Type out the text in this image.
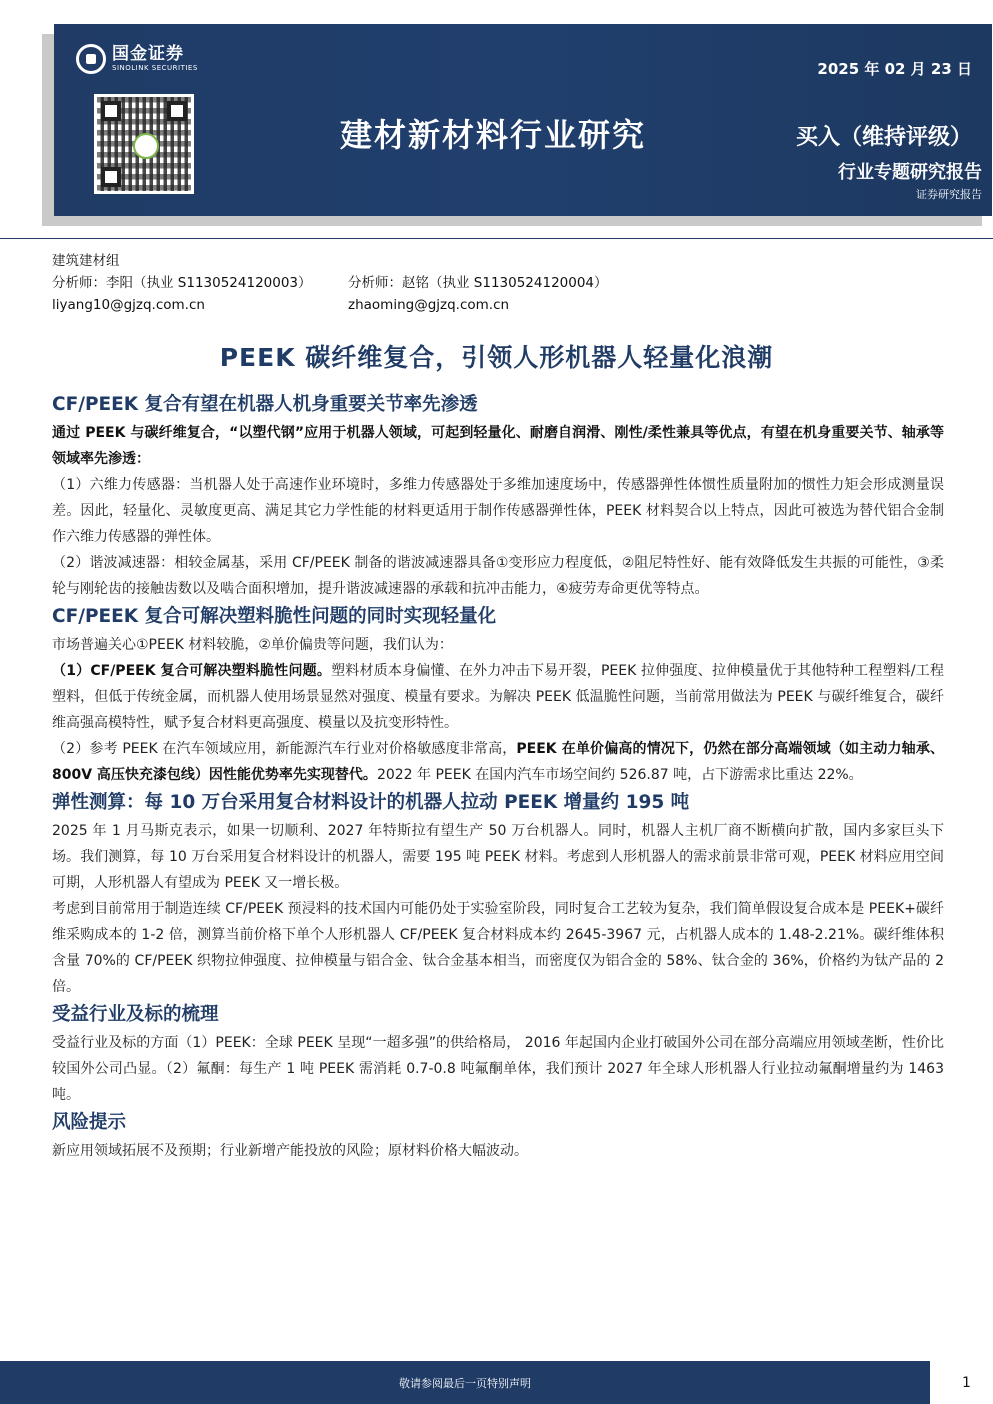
国金证券
SINOLINK SECURITIES
建材新材料行业研究
2025 年 02 月 23 日
买入（维持评级）
行业专题研究报告
证券研究报告
建筑建材组
分析师：李阳（执业 S1130524120003）	分析师：赵铭（执业 S1130524120004）
liyang10@gjzq.com.cn	zhaoming@gjzq.com.cn
PEEK 碳纤维复合，引领人形机器人轻量化浪潮
CF/PEEK 复合有望在机器人机身重要关节率先渗透

通过 PEEK 与碳纤维复合，“以塑代钢”应用于机器人领域，可起到轻量化、耐磨自润滑、刚性/柔性兼具等优点，有望在机身重要关节、轴承等领域率先渗透：

（1）六维力传感器：当机器人处于高速作业环境时，多维力传感器处于多维加速度场中，传感器弹性体惯性质量附加的惯性力矩会形成测量误差。因此，轻量化、灵敏度更高、满足其它力学性能的材料更适用于制作传感器弹性体，PEEK 材料契合以上特点，因此可被选为替代铝合金制作六维力传感器的弹性体。

（2）谐波减速器：相较金属基，采用 CF/PEEK 制备的谐波减速器具备①变形应力程度低，②阻尼特性好、能有效降低发生共振的可能性，③柔轮与刚轮齿的接触齿数以及啮合面积增加，提升谐波减速器的承载和抗冲击能力，④疲劳寿命更优等特点。

CF/PEEK 复合可解决塑料脆性问题的同时实现轻量化

市场普遍关心①PEEK 材料较脆，②单价偏贵等问题，我们认为：

（1）CF/PEEK 复合可解决塑料脆性问题。塑料材质本身偏懂、在外力冲击下易开裂，PEEK 拉伸强度、拉伸模量优于其他特种工程塑料/工程塑料，但低于传统金属，而机器人使用场景显然对强度、模量有要求。为解决 PEEK 低温脆性问题，当前常用做法为 PEEK 与碳纤维复合，碳纤维高强高模特性，赋予复合材料更高强度、模量以及抗变形特性。

（2）参考 PEEK 在汽车领域应用，新能源汽车行业对价格敏感度非常高，PEEK 在单价偏高的情况下，仍然在部分高端领域（如主动力轴承、800V 高压快充漆包线）因性能优势率先实现替代。2022 年 PEEK 在国内汽车市场空间约 526.87 吨，占下游需求比重达 22%。

弹性测算：每 10 万台采用复合材料设计的机器人拉动 PEEK 增量约 195 吨

2025 年 1 月马斯克表示，如果一切顺利、2027 年特斯拉有望生产 50 万台机器人。同时，机器人主机厂商不断横向扩散，国内多家巨头下场。我们测算，每 10 万台采用复合材料设计的机器人，需要 195 吨 PEEK 材料。考虑到人形机器人的需求前景非常可观，PEEK 材料应用空间可期，人形机器人有望成为 PEEK 又一增长极。

考虑到目前常用于制造连续 CF/PEEK 预浸料的技术国内可能仍处于实验室阶段，同时复合工艺较为复杂，我们简单假设复合成本是 PEEK+碳纤维采购成本的 1-2 倍，测算当前价格下单个人形机器人 CF/PEEK 复合材料成本约 2645-3967 元，占机器人成本的 1.48-2.21%。碳纤维体积含量 70%的 CF/PEEK 织物拉伸强度、拉伸模量与铝合金、钛合金基本相当，而密度仅为铝合金的 58%、钛合金的 36%，价格约为钛产品的 2 倍。

受益行业及标的梳理

受益行业及标的方面（1）PEEK：全球 PEEK 呈现“一超多强”的供给格局， 2016 年起国内企业打破国外公司在部分高端应用领域垄断，性价比较国外公司凸显。（2）氟酮：每生产 1 吨 PEEK 需消耗 0.7-0.8 吨氟酮单体，我们预计 2027 年全球人形机器人行业拉动氟酮增量约为 1463 吨。

风险提示

新应用领域拓展不及预期；行业新增产能投放的风险；原材料价格大幅波动。

敬请参阅最后一页特别声明	1
